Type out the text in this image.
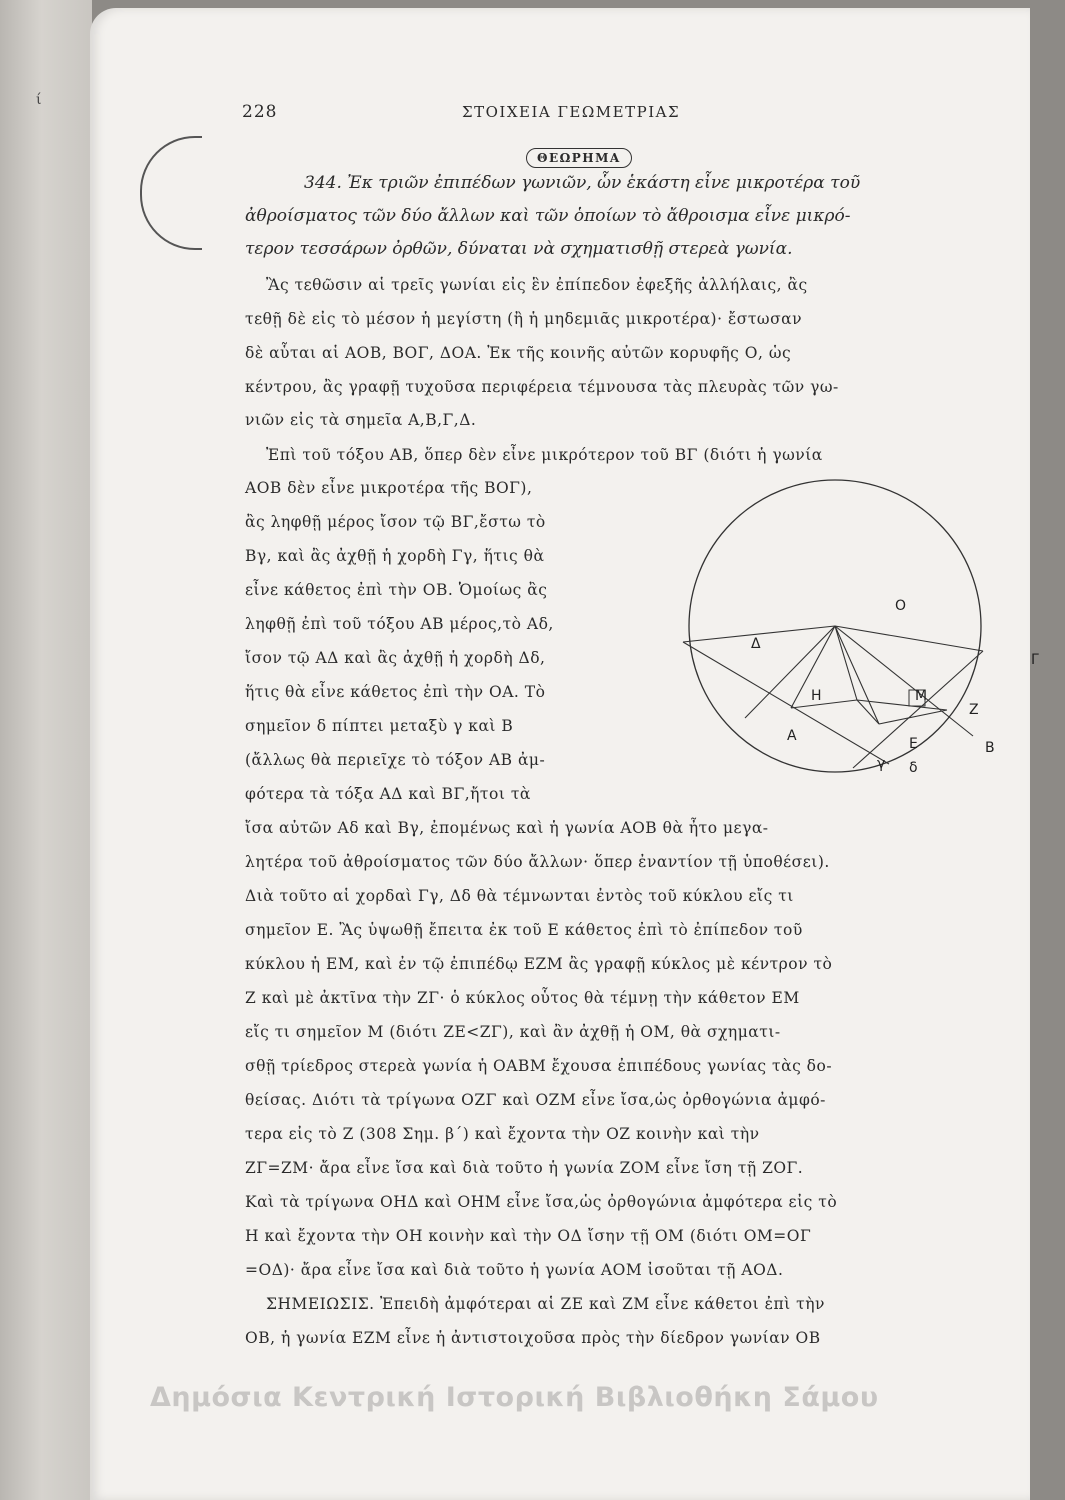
ί
228	ΣΤΟΙΧΕΙΑ ΓΕΩΜΕΤΡΙΑΣ
ΘΕΩΡΗΜΑ
344. Ἐκ τριῶν ἐπιπέδων γωνιῶν, ὧν ἑκάστη εἶνε μικροτέρα τοῦ
ἀθροίσματος τῶν δύο ἄλλων καὶ τῶν ὁποίων τὸ ἄθροισμα εἶνε μικρό-
τερον τεσσάρων ὀρθῶν, δύναται νὰ σχηματισθῇ στερεὰ γωνία.
Ἂς τεθῶσιν αἱ τρεῖς γωνίαι εἰς ἓν ἐπίπεδον ἐφεξῆς ἀλλήλαις, ἂς
τεθῇ δὲ εἰς τὸ μέσον ἡ μεγίστη (ἢ ἡ μηδεμιᾶς μικροτέρα)· ἔστωσαν
δὲ αὗται αἱ ΑΟΒ, ΒΟΓ, ΔΟΑ. Ἐκ τῆς κοινῆς αὐτῶν κορυφῆς Ο, ὡς
κέντρου, ἂς γραφῇ τυχοῦσα περιφέρεια τέμνουσα τὰς πλευρὰς τῶν γω-
νιῶν εἰς τὰ σημεῖα Α,Β,Γ,Δ.
Ἐπὶ τοῦ τόξου ΑΒ, ὅπερ δὲν εἶνε μικρότερον τοῦ ΒΓ (διότι ἡ γωνία
ΑΟΒ δὲν εἶνε μικροτέρα τῆς ΒΟΓ),
ἂς ληφθῇ μέρος ἴσον τῷ ΒΓ,ἔστω τὸ
Βγ, καὶ ἂς ἀχθῇ ἡ χορδὴ Γγ, ἥτις θὰ
εἶνε κάθετος ἐπὶ τὴν ΟΒ. Ὁμοίως ἂς
ληφθῇ ἐπὶ τοῦ τόξου ΑΒ μέρος,τὸ Αδ,
ἴσον τῷ ΑΔ καὶ ἂς ἀχθῇ ἡ χορδὴ Δδ,
ἥτις θὰ εἶνε κάθετος ἐπὶ τὴν ΟΑ. Τὸ
σημεῖον δ πίπτει μεταξὺ γ καὶ Β
(ἄλλως θὰ περιεῖχε τὸ τόξον ΑΒ ἀμ-
φότερα τὰ τόξα ΑΔ καὶ ΒΓ,ἤτοι τὰ
ἴσα αὐτῶν Αδ καὶ Βγ, ἐπομένως καὶ ἡ γωνία ΑΟΒ θὰ ἦτο μεγα-
λητέρα τοῦ ἀθροίσματος τῶν δύο ἄλλων· ὅπερ ἐναντίον τῇ ὑποθέσει).
Διὰ τοῦτο αἱ χορδαὶ Γγ, Δδ θὰ τέμνωνται ἐντὸς τοῦ κύκλου εἴς τι
σημεῖον Ε. Ἂς ὑψωθῇ ἔπειτα ἐκ τοῦ Ε κάθετος ἐπὶ τὸ ἐπίπεδον τοῦ
κύκλου ἡ ΕΜ, καὶ ἐν τῷ ἐπιπέδῳ ΕΖΜ ἂς γραφῇ κύκλος μὲ κέντρον τὸ
Ζ καὶ μὲ ἀκτῖνα τὴν ΖΓ· ὁ κύκλος οὗτος θὰ τέμνῃ τὴν κάθετον ΕΜ
εἴς τι σημεῖον Μ (διότι ΖΕ<ΖΓ), καὶ ἂν ἀχθῇ ἡ ΟΜ, θὰ σχηματι-
σθῇ τρίεδρος στερεὰ γωνία ἡ ΟΑΒΜ ἔχουσα ἐπιπέδους γωνίας τὰς δο-
θείσας. Διότι τὰ τρίγωνα ΟΖΓ καὶ ΟΖΜ εἶνε ἴσα,ὡς ὀρθογώνια ἀμφό-
τερα εἰς τὸ Ζ (308 Σημ. β΄) καὶ ἔχοντα τὴν ΟΖ κοινὴν καὶ τὴν
ΖΓ=ΖΜ· ἄρα εἶνε ἴσα καὶ διὰ τοῦτο ἡ γωνία ΖΟΜ εἶνε ἴση τῇ ΖΟΓ.
Καὶ τὰ τρίγωνα ΟΗΔ καὶ ΟΗΜ εἶνε ἴσα,ὡς ὀρθογώνια ἀμφότερα εἰς τὸ
Η καὶ ἔχοντα τὴν ΟΗ κοινὴν καὶ τὴν ΟΔ ἴσην τῇ ΟΜ (διότι ΟΜ=ΟΓ
=ΟΔ)· ἄρα εἶνε ἴσα καὶ διὰ τοῦτο ἡ γωνία ΑΟΜ ἰσοῦται τῇ ΑΟΔ.
ΣΗΜΕΙΩΣΙΣ. Ἐπειδὴ ἀμφότεραι αἱ ΖΕ καὶ ΖΜ εἶνε κάθετοι ἐπὶ τὴν
ΟΒ, ἡ γωνία ΕΖΜ εἶνε ἡ ἀντιστοιχοῦσα πρὸς τὴν δίεδρον γωνίαν ΟΒ
O
Δ
Γ
H	M
Z
A	E	B
γ δ
Δημόσια Κεντρική Ιστορική Βιβλιοθήκη Σάμου
